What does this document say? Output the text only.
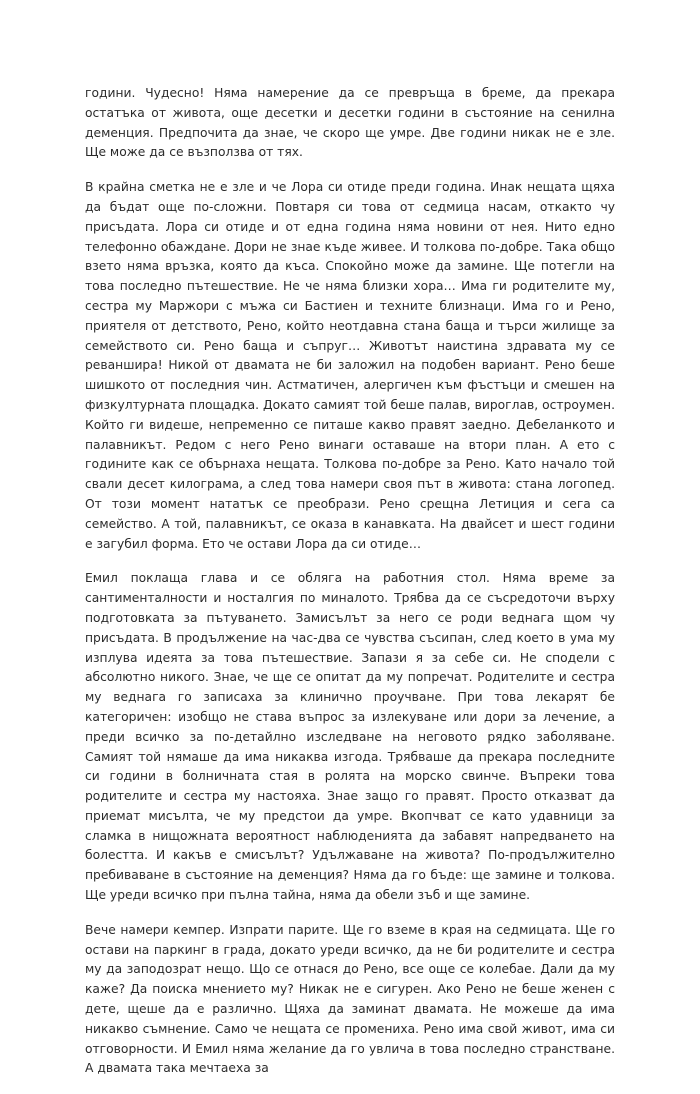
години. Чудесно! Няма намерение да се превръща в бреме, да прекара остатъка от живота, още десетки и десетки години в състояние на сенилна деменция. Предпочита да знае, че скоро ще умре. Две години никак не е зле. Ще може да се възползва от тях.

В крайна сметка не е зле и че Лора си отиде преди година. Инак нещата щяха да бъдат още по-сложни. Повтаря си това от седмица насам, откакто чу присъдата. Лора си отиде и от една година няма новини от нея. Нито едно телефонно обаждане. Дори не знае къде живее. И толкова по-добре. Така общо взето няма връзка, която да къса. Спокойно може да замине. Ще потегли на това последно пътешествие. Не че няма близки хора… Има ги родителите му, сестра му Маржори с мъжа си Бастиен и техните близнаци. Има го и Рено, приятеля от детството, Рено, който неотдавна стана баща и търси жилище за семейството си. Рено баща и съпруг… Животът наистина здравата му се реваншира! Никой от двамата не би заложил на подобен вариант. Рено беше шишкото от последния чин. Астматичен, алергичен към фъстъци и смешен на физкултурната площадка. Докато самият той беше палав, вироглав, остроумен. Който ги видеше, непременно се питаше какво правят заедно. Дебеланкото и палавникът. Редом с него Рено винаги оставаше на втори план. А ето с годините как се обърнаха нещата. Толкова по-добре за Рено. Като начало той свали десет килограма, а след това намери своя път в живота: стана логопед. От този момент нататък се преобрази. Рено срещна Летиция и сега са семейство. А той, палавникът, се оказа в канавката. На двайсет и шест години е загубил форма. Ето че остави Лора да си отиде…

Емил поклаща глава и се обляга на работния стол. Няма време за сантименталности и носталгия по миналото. Трябва да се съсредоточи върху подготовката за пътуването. Замисълът за него се роди веднага щом чу присъдата. В продължение на час-два се чувства съсипан, след което в ума му изплува идеята за това пътешествие. Запази я за себе си. Не сподели с абсолютно никого. Знае, че ще се опитат да му попречат. Родителите и сестра му веднага го записаха за клинично проучване. При това лекарят бе категоричен: изобщо не става въпрос за излекуване или дори за лечение, а преди всичко за по-детайлно изследване на неговото рядко заболяване. Самият той нямаше да има никаква изгода. Трябваше да прекара последните си години в болничната стая в ролята на морско свинче. Въпреки това родителите и сестра му настояха. Знае защо го правят. Просто отказват да приемат мисълта, че му предстои да умре. Вкопчват се като удавници за сламка в нищожната вероятност наблюденията да забавят напредването на болестта. И какъв е смисълът? Удължаване на живота? По-продължително пребиваване в състояние на деменция? Няма да го бъде: ще замине и толкова. Ще уреди всичко при пълна тайна, няма да обели зъб и ще замине.

Вече намери кемпер. Изпрати парите. Ще го вземе в края на седмицата. Ще го остави на паркинг в града, докато уреди всичко, да не би родителите и сестра му да заподозрат нещо. Що се отнася до Рено, все още се колебае. Дали да му каже? Да поиска мнението му? Никак не е сигурен. Ако Рено не беше женен с дете, щеше да е различно. Щяха да заминат двамата. Не можеше да има никакво съмнение. Само че нещата се промениха. Рено има свой живот, има си отговорности. И Емил няма желание да го увлича в това последно странстване. А двамата така мечтаеха за
